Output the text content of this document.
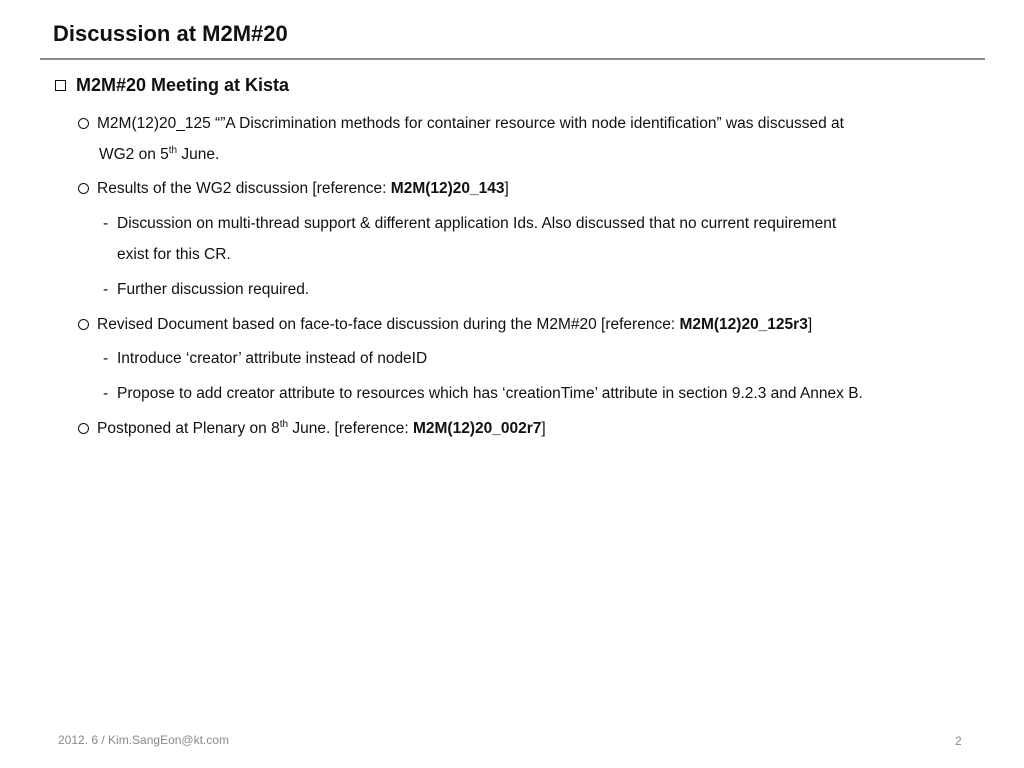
Discussion at M2M#20
M2M#20 Meeting at Kista
M2M(12)20_125 “”A Discrimination methods for container resource with node identification” was discussed at
WG2 on 5th June.
Results of the WG2 discussion [reference: M2M(12)20_143]
- Discussion on multi-thread support & different application Ids. Also discussed that no current requirement
exist for this CR.
- Further discussion required.
Revised Document based on face-to-face discussion during the M2M#20 [reference: M2M(12)20_125r3]
- Introduce ‘creator’ attribute instead of nodeID
- Propose to add creator attribute to resources which has ‘creationTime’ attribute in section 9.2.3 and Annex B.
Postponed at Plenary on 8th June. [reference: M2M(12)20_002r7]
2012. 6 / Kim.SangEon@kt.com	2
